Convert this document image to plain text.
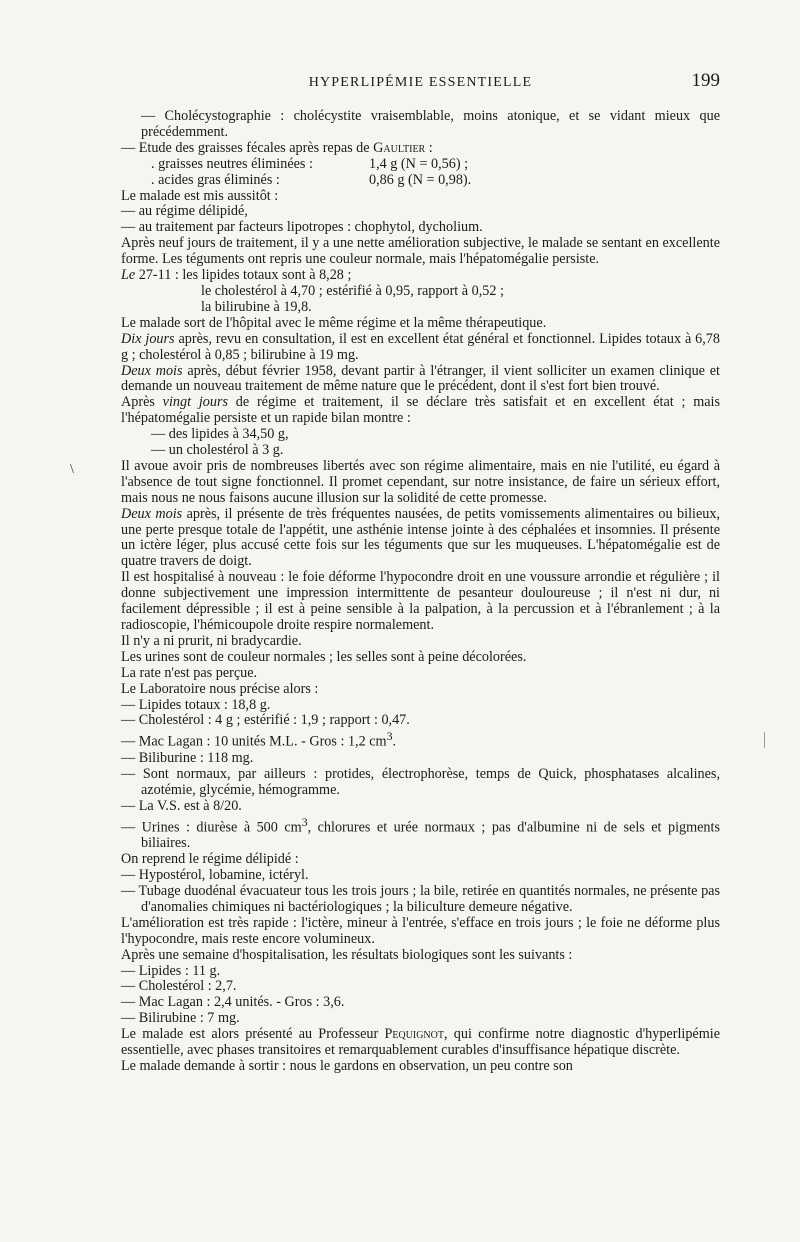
HYPERLIPÉMIE ESSENTIELLE	199
\

— Cholécystographie : cholécystite vraisemblable, moins atonique, et se vidant mieux que précédemment.

— Etude des graisses fécales après repas de Gaultier :

. graisses neutres éliminées :	1,4 g (N = 0,56) ;
. acides gras éliminés :	0,86 g (N = 0,98).

Le malade est mis aussitôt :

— au régime délipidé,

— au traitement par facteurs lipotropes : chophytol, dycholium.

Après neuf jours de traitement, il y a une nette amélioration subjective, le malade se sentant en excellente forme. Les téguments ont repris une couleur normale, mais l'hépatomégalie persiste.

Le 27-11 : les lipides totaux sont à 8,28 ;

le cholestérol à 4,70 ; estérifié à 0,95, rapport à 0,52 ;

la bilirubine à 19,8.

Le malade sort de l'hôpital avec le même régime et la même thérapeutique.

Dix jours après, revu en consultation, il est en excellent état général et fonctionnel. Lipides totaux à 6,78 g ; cholestérol à 0,85 ; bilirubine à 19 mg.

Deux mois après, début février 1958, devant partir à l'étranger, il vient solliciter un examen clinique et demande un nouveau traitement de même nature que le précédent, dont il s'est fort bien trouvé.

Après vingt jours de régime et traitement, il se déclare très satisfait et en excellent état ; mais l'hépatomégalie persiste et un rapide bilan montre :

— des lipides à 34,50 g,

— un cholestérol à 3 g.

Il avoue avoir pris de nombreuses libertés avec son régime alimentaire, mais en nie l'utilité, eu égard à l'absence de tout signe fonctionnel. Il promet cependant, sur notre insistance, de faire un sérieux effort, mais nous ne nous faisons aucune illusion sur la solidité de cette promesse.

Deux mois après, il présente de très fréquentes nausées, de petits vomissements alimentaires ou bilieux, une perte presque totale de l'appétit, une asthénie intense jointe à des céphalées et insomnies. Il présente un ictère léger, plus accusé cette fois sur les téguments que sur les muqueuses. L'hépatomégalie est de quatre travers de doigt.

Il est hospitalisé à nouveau : le foie déforme l'hypocondre droit en une voussure arrondie et régulière ; il donne subjectivement une impression intermittente de pesanteur douloureuse ; il n'est ni dur, ni facilement dépressible ; il est à peine sensible à la palpation, à la percussion et à l'ébranlement ; à la radioscopie, l'hémicoupole droite respire normalement.

Il n'y a ni prurit, ni bradycardie.

Les urines sont de couleur normales ; les selles sont à peine décolorées.

La rate n'est pas perçue.

Le Laboratoire nous précise alors :

— Lipides totaux : 18,8 g.

— Cholestérol : 4 g ; estérifié : 1,9 ; rapport : 0,47.

— Mac Lagan : 10 unités M.L. - Gros : 1,2 $cm^3$.

— Biliburine : 118 mg.

— Sont normaux, par ailleurs : protides, électrophorèse, temps de Quick, phosphatases alcalines, azotémie, glycémie, hémogramme.

— La V.S. est à 8/20.

— Urines : diurèse à 500 $cm^3$, chlorures et urée normaux ; pas d'albumine ni de sels et pigments biliaires.

On reprend le régime délipidé :

— Hypostérol, lobamine, ictéryl.

— Tubage duodénal évacuateur tous les trois jours ; la bile, retirée en quantités normales, ne présente pas d'anomalies chimiques ni bactériologiques ; la biliculture demeure négative.

L'amélioration est très rapide : l'ictère, mineur à l'entrée, s'efface en trois jours ; le foie ne déforme plus l'hypocondre, mais reste encore volumineux.

Après une semaine d'hospitalisation, les résultats biologiques sont les suivants :

— Lipides : 11 g.

— Cholestérol : 2,7.

— Mac Lagan : 2,4 unités. - Gros : 3,6.

— Bilirubine : 7 mg.

Le malade est alors présenté au Professeur Pequignot, qui confirme notre diagnostic d'hyperlipémie essentielle, avec phases transitoires et remarquablement curables d'insuffisance hépatique discrète.

Le malade demande à sortir : nous le gardons en observation, un peu contre son
